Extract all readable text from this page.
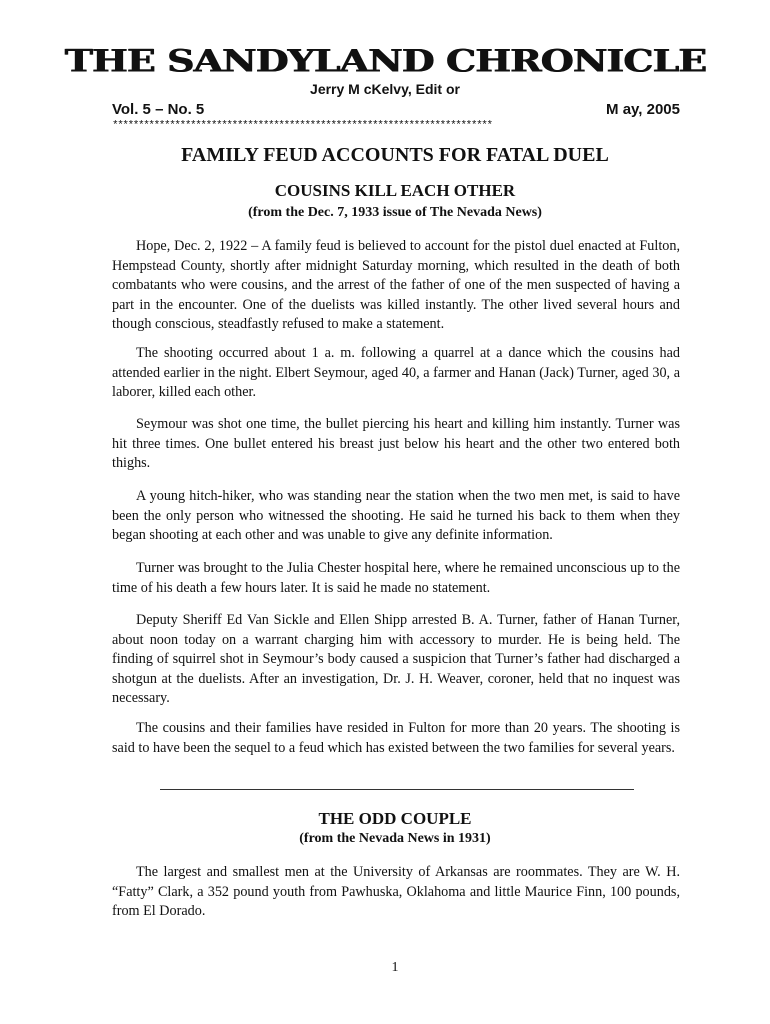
THE SANDYLAND CHRONICLE
Jerry M cKelvy, Edit or
Vol. 5 – No. 5	M ay, 2005
*************************************************************************
FAMILY FEUD ACCOUNTS FOR FATAL DUEL
COUSINS KILL EACH OTHER
(from the Dec. 7, 1933 issue of The Nevada News)

Hope, Dec. 2, 1922 – A family feud is believed to account for the pistol duel enacted at Fulton, Hempstead County, shortly after midnight Saturday morning, which resulted in the death of both combatants who were cousins, and the arrest of the father of one of the men suspected of having a part in the encounter. One of the duelists was killed instantly. The other lived several hours and though conscious, steadfastly refused to make a statement.

The shooting occurred about 1 a. m. following a quarrel at a dance which the cousins had attended earlier in the night. Elbert Seymour, aged 40, a farmer and Hanan (Jack) Turner, aged 30, a laborer, killed each other.

Seymour was shot one time, the bullet piercing his heart and killing him instantly. Turner was hit three times. One bullet entered his breast just below his heart and the other two entered both thighs.

A young hitch-hiker, who was standing near the station when the two men met, is said to have been the only person who witnessed the shooting. He said he turned his back to them when they began shooting at each other and was unable to give any definite information.

Turner was brought to the Julia Chester hospital here, where he remained unconscious up to the time of his death a few hours later. It is said he made no statement.

Deputy Sheriff Ed Van Sickle and Ellen Shipp arrested B. A. Turner, father of Hanan Turner, about noon today on a warrant charging him with accessory to murder. He is being held. The finding of squirrel shot in Seymour’s body caused a suspicion that Turner’s father had discharged a shotgun at the duelists. After an investigation, Dr. J. H. Weaver, coroner, held that no inquest was necessary.

The cousins and their families have resided in Fulton for more than 20 years. The shooting is said to have been the sequel to a feud which has existed between the two families for several years.

THE ODD COUPLE
(from the Nevada News in 1931)

The largest and smallest men at the University of Arkansas are roommates. They are W. H. “Fatty” Clark, a 352 pound youth from Pawhuska, Oklahoma and little Maurice Finn, 100 pounds, from El Dorado.

1
